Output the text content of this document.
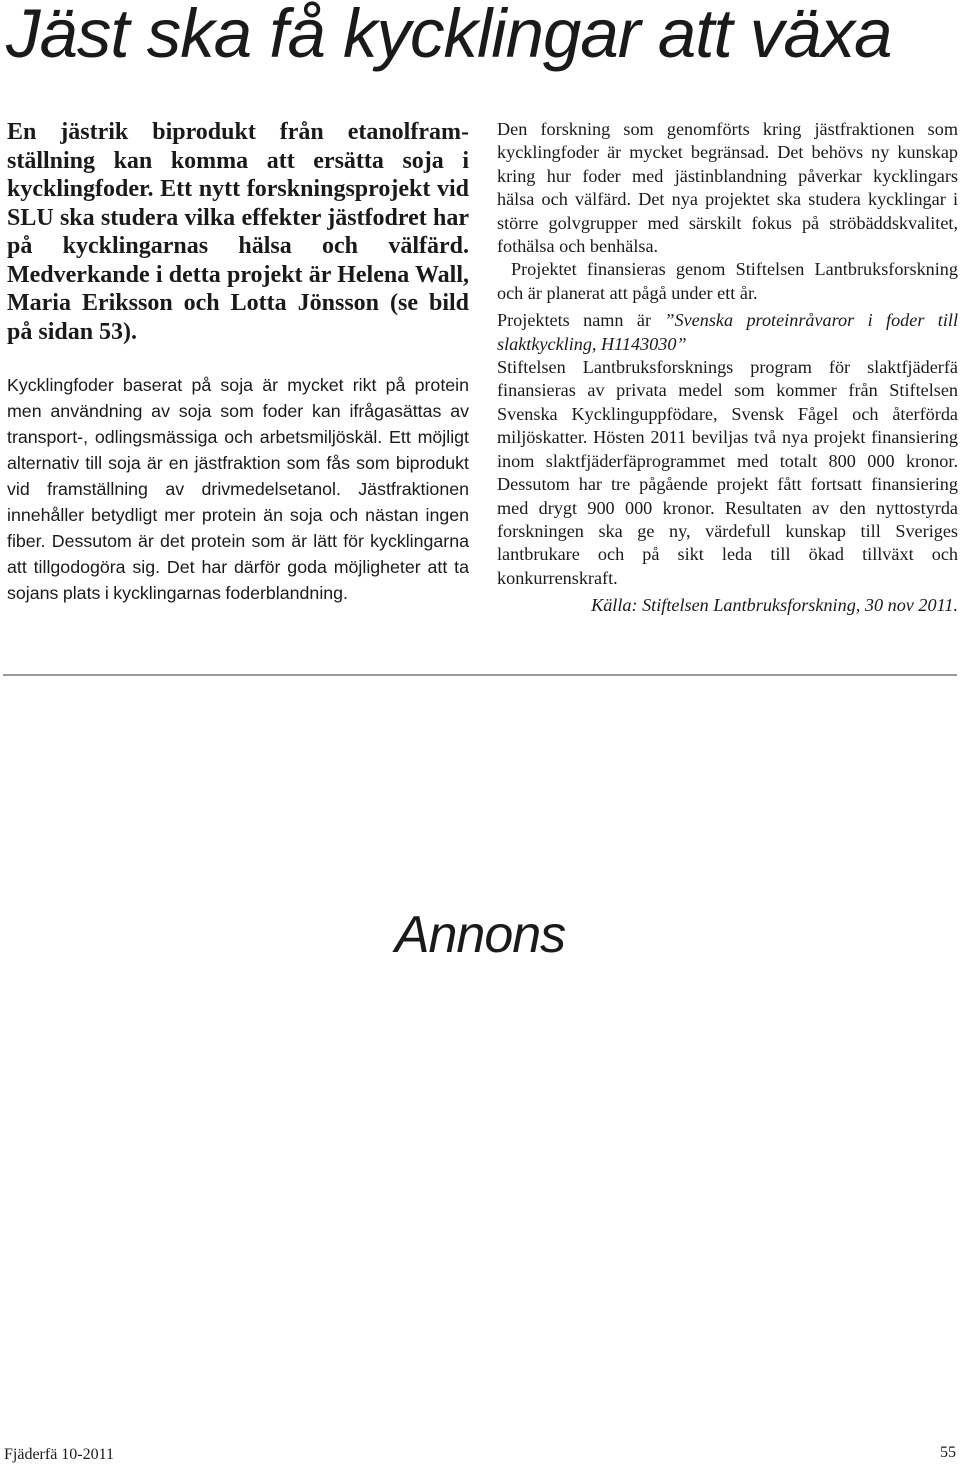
Jäst ska få kycklingar att växa

En jästrik biprodukt från etanolframställning kan komma att ersätta soja i kycklingfoder. Ett nytt forskningsprojekt vid SLU ska studera vilka effekter jästfodret har på kycklingarnas hälsa och välfärd. Medverkande i detta projekt är Helena Wall, Maria Eriksson och Lotta Jönsson (se bild på sidan 53).

Kycklingfoder baserat på soja är mycket rikt på protein men användning av soja som foder kan ifrågasättas av transport-, odlingsmässiga och arbetsmiljöskäl. Ett möjligt alternativ till soja är en jästfraktion som fås som biprodukt vid framställning av drivmedelsetanol. Jästfraktionen innehåller betydligt mer protein än soja och nästan ingen fiber. Dessutom är det protein som är lätt för kycklingarna att tillgodogöra sig. Det har därför goda möjligheter att ta sojans plats i kycklingarnas foderblandning.

Den forskning som genomförts kring jästfraktionen som kycklingfoder är mycket begränsad. Det behövs ny kunskap kring hur foder med jästinblandning påverkar kycklingars hälsa och välfärd. Det nya projektet ska studera kycklingar i större golvgrupper med särskilt fokus på ströbäddskvalitet, fothälsa och benhälsa.

Projektet finansieras genom Stiftelsen Lantbruksforskning och är planerat att pågå under ett år.

Projektets namn är ”Svenska proteinråvaror i foder till slaktkyckling, H1143030”

Stiftelsen Lantbruksforsknings program för slaktfjäderfä finansieras av privata medel som kommer från Stiftelsen Svenska Kycklinguppfödare, Svensk Fågel och återförda miljöskatter. Hösten 2011 beviljas två nya projekt finansiering inom slaktfjäderfäprogrammet med totalt 800 000 kronor. Dessutom har tre pågående projekt fått fortsatt finansiering med drygt 900 000 kronor. Resultaten av den nyttostyrda forskningen ska ge ny, värdefull kunskap till Sveriges lantbrukare och på sikt leda till ökad tillväxt och konkurrenskraft.

Källa: Stiftelsen Lantbruksforskning, 30 nov 2011.

Annons
Fjäderfä 10-2011	55
